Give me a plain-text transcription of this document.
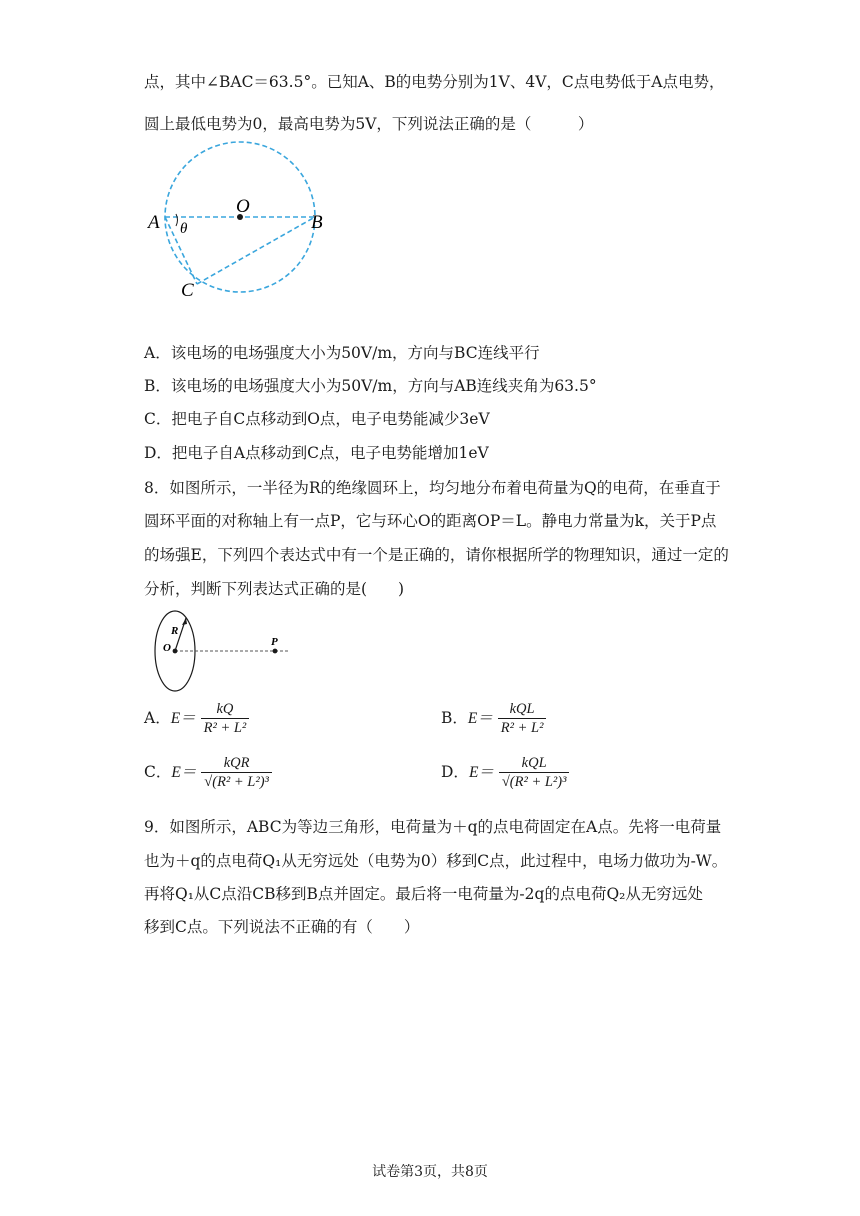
点，其中∠BAC＝63.5°。已知A、B的电势分别为1V、4V，C点电势低于A点电势，
圆上最低电势为0，最高电势为5V，下列说法正确的是（　　　）
A	B
O
C
θ
A．该电场的电场强度大小为50V/m，方向与BC连线平行
B．该电场的电场强度大小为50V/m，方向与AB连线夹角为63.5°
C．把电子自C点移动到O点，电子电势能减少3eV
D．把电子自A点移动到C点，电子电势能增加1eV
8．如图所示，一半径为R的绝缘圆环上，均匀地分布着电荷量为Q的电荷，在垂直于
圆环平面的对称轴上有一点P，它与环心O的距离OP＝L。静电力常量为k，关于P点
的场强E，下列四个表达式中有一个是正确的，请你根据所学的物理知识，通过一定的
分析，判断下列表达式正确的是(　　)
R
O	P
A．$E= \frac{kQ}{\text{R² + L²}}$	B．$E= \frac{\text{kQL}}{\text{R² + L²}}$
C．$E= \frac{\text{kQR}}{\text{√(R² + L²)³}}$	D．$E= \frac{\text{kQL}}{\text{√(R² + L²)³}}$
9．如图所示，ABC为等边三角形，电荷量为＋q的点电荷固定在A点。先将一电荷量
也为＋q的点电荷Q₁从无穷远处（电势为0）移到C点，此过程中，电场力做功为-W。
再将Q₁从C点沿CB移到B点并固定。最后将一电荷量为-2q的点电荷Q₂从无穷远处
移到C点。下列说法不正确的有（　　）
试卷第3页，共8页
